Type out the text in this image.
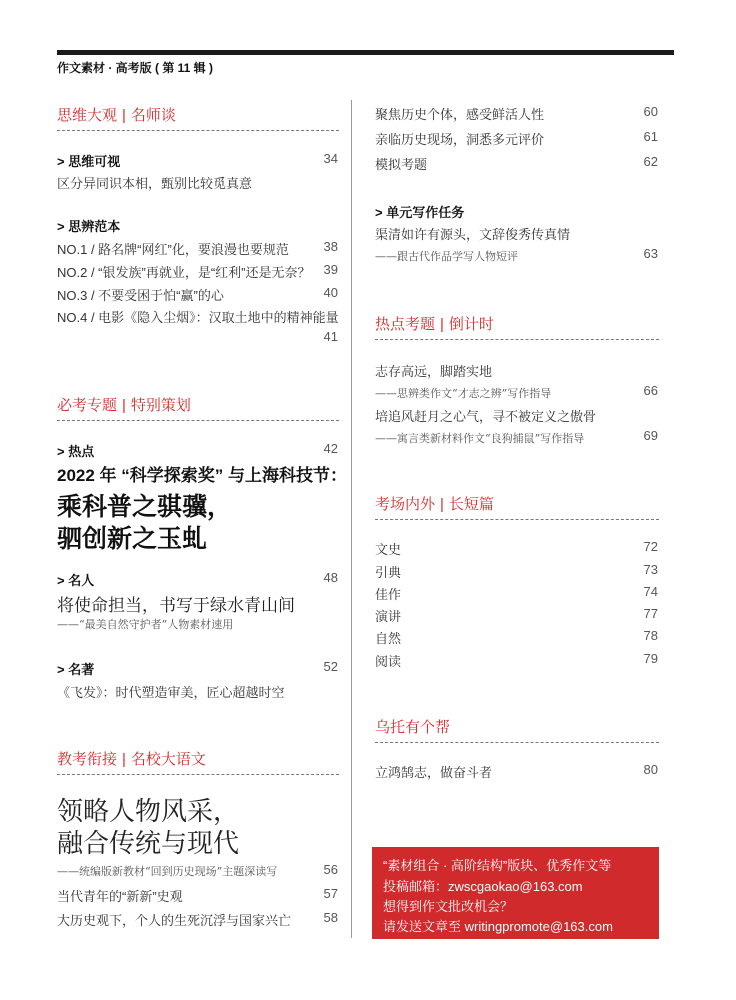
作文素材 · 高考版 ( 第 11 辑 )
思维大观 | 名师谈
> 思维可视	34
区分异同识本相，甄别比较觅真意
> 思辨范本
NO.1 / 路名牌“网红”化，要浪漫也要规范	38
NO.2 / “银发族”再就业，是“红利”还是无奈？	39
NO.3 / 不要受困于怕“赢”的心	40
NO.4 / 电影《隐入尘烟》：汉取土地中的精神能量
41
必考专题 | 特别策划
> 热点	42
2022 年 “科学探索奖” 与上海科技节：
乘科普之骐骥，
驷创新之玉虬
> 名人	48
将使命担当，书写于绿水青山间
——“最美自然守护者”人物素材速用
> 名著	52
《飞发》：时代塑造审美，匠心超越时空
教考衔接 | 名校大语文
领略人物风采，
融合传统与现代
——统编版新教材“回到历史现场”主题深读写	56
当代青年的“新新”史观	57
大历史观下，个人的生死沉浮与国家兴亡	58
聚焦历史个体，感受鲜活人性	60
亲临历史现场，洞悉多元评价	61
模拟考题	62
> 单元写作任务
渠清如许有源头，文辞俊秀传真情
——跟古代作品学写人物短评	63
热点考题 | 倒计时
志存高远，脚踏实地
——思辨类作文“才志之辨”写作指导	66
培追风赶月之心气，寻不被定义之傲骨
——寓言类新材料作文“良狗捕鼠”写作指导	69
考场内外 | 长短篇
文史	72
引典	73
佳作	74
演讲	77
自然	78
阅读	79
乌托有个帮
立鸿鹄志，做奋斗者	80
“素材组合 · 高阶结构”版块、优秀作文等
投稿邮箱：zwscgaokao@163.com
想得到作文批改机会？
请发送文章至 writingpromote@163.com
